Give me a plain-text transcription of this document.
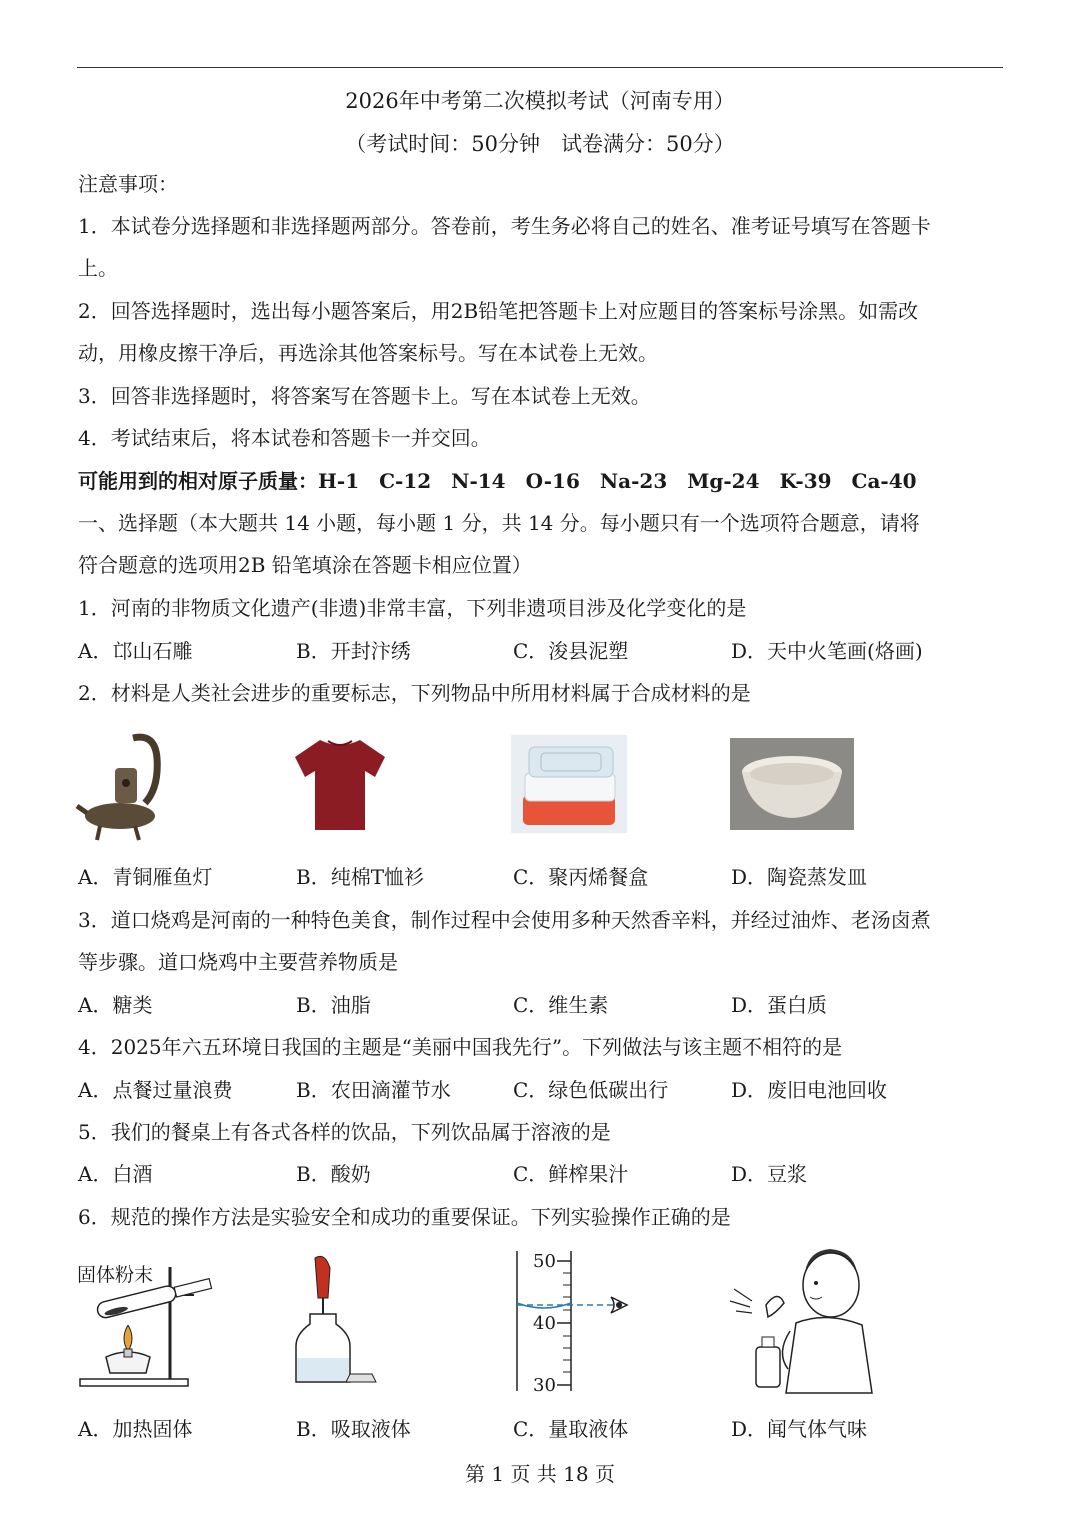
2026年中考第二次模拟考试（河南专用）
（考试时间：50分钟　试卷满分：50分）
注意事项：
1．本试卷分选择题和非选择题两部分。答卷前，考生务必将自己的姓名、准考证号填写在答题卡
上。
2．回答选择题时，选出每小题答案后，用2B铅笔把答题卡上对应题目的答案标号涂黑。如需改
动，用橡皮擦干净后，再选涂其他答案标号。写在本试卷上无效。
3．回答非选择题时，将答案写在答题卡上。写在本试卷上无效。
4．考试结束后，将本试卷和答题卡一并交回。
可能用到的相对原子质量：H-1　C-12　N-14　O-16　Na-23　Mg-24　K-39　Ca-40
一、选择题（本大题共 14 小题，每小题 1 分，共 14 分。每小题只有一个选项符合题意，请将
符合题意的选项用2B 铅笔填涂在答题卡相应位置）
1．河南的非物质文化遗产(非遗)非常丰富，下列非遗项目涉及化学变化的是
A．邙山石雕	B．开封汴绣	C．浚县泥塑	D．天中火笔画(烙画)
2．材料是人类社会进步的重要标志，下列物品中所用材料属于合成材料的是
A．青铜雁鱼灯	B．纯棉T恤衫	C．聚丙烯餐盒	D．陶瓷蒸发皿
3．道口烧鸡是河南的一种特色美食，制作过程中会使用多种天然香辛料，并经过油炸、老汤卤煮
等步骤。道口烧鸡中主要营养物质是
A．糖类	B．油脂	C．维生素	D．蛋白质
4．2025年六五环境日我国的主题是“美丽中国我先行”。下列做法与该主题不相符的是
A．点餐过量浪费	B．农田滴灌节水	C．绿色低碳出行	D．废旧电池回收
5．我们的餐桌上有各式各样的饮品，下列饮品属于溶液的是
A．白酒	B．酸奶	C．鲜榨果汁	D．豆浆
6．规范的操作方法是实验安全和成功的重要保证。下列实验操作正确的是
固体粉末
50
40
30
A．加热固体	B．吸取液体	C．量取液体	D．闻气体气味
第 1 页 共 18 页
